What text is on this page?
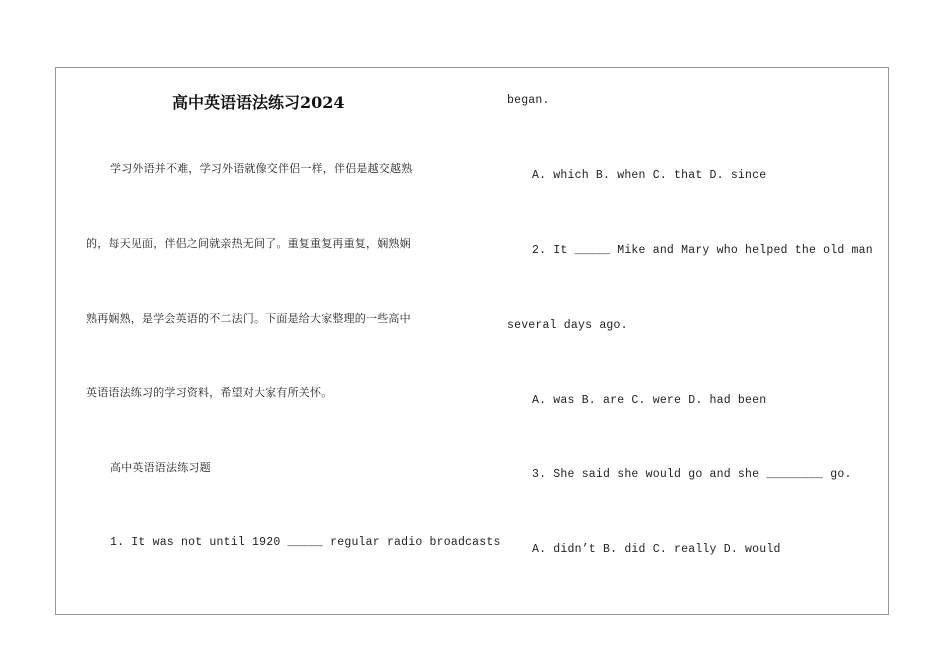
高中英语语法练习2024
学习外语并不难，学习外语就像交伴侣一样，伴侣是越交越熟
的，每天见面，伴侣之间就亲热无间了。重复重复再重复，娴熟娴
熟再娴熟，是学会英语的不二法门。下面是给大家整理的一些高中
英语语法练习的学习资料，希望对大家有所关怀。
高中英语语法练习题
1. It was not until 1920 _____ regular radio broadcasts
began.
A. which B. when C. that D. since
2. It _____ Mike and Mary who helped the old man
several days ago.
A. was B. are C. were D. had been
3. She said she would go and she ________ go.
A. didn’t B. did C. really D. would
